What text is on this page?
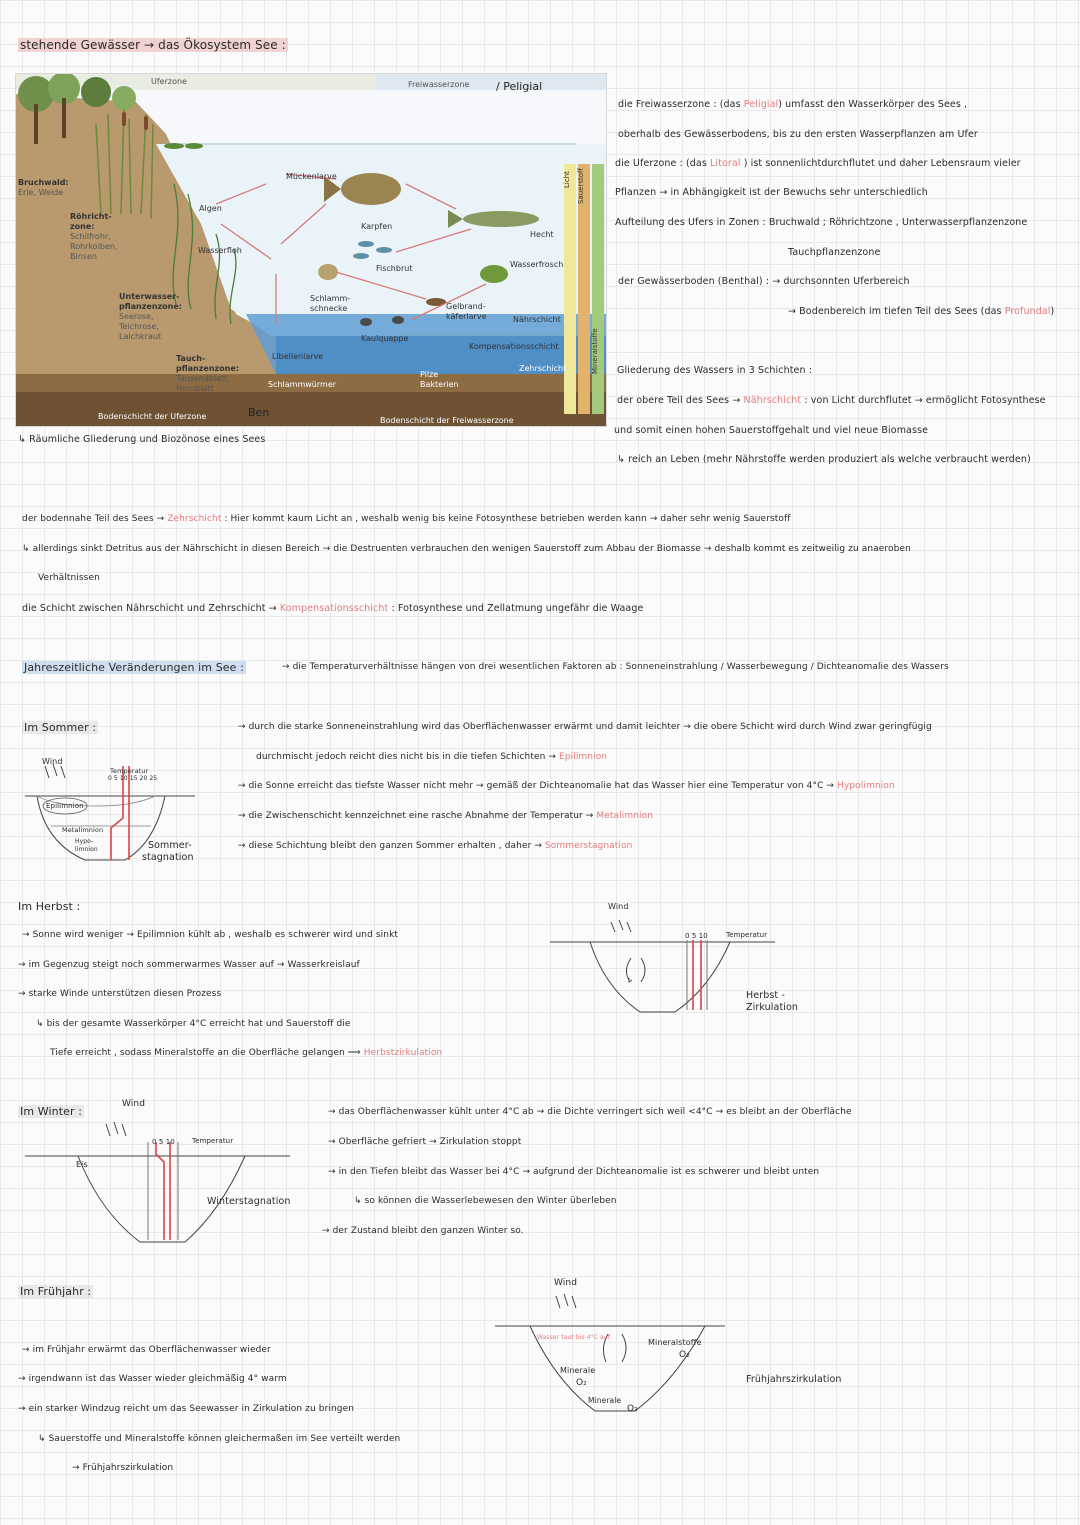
stehende Gewässer → das Ökosystem See :
Uferzone	Freiwasserzone / Peligial
Bruchwald:
Erle, Weide
Röhricht-
zone:
Schilfrohr,
Rohrkolben,
Binsen
Unterwasser-
pflanzenzone:
Seerose,
Teichrose,
Laichkraut
Tauch-
pflanzenzone:
Tausendblatt,
Hornblatt
Algen
Wasserfloh
Mückenlarve
Karpfen
Fischbrut
Hecht
Wasserfrosch
Schlamm-
schnecke	Gelbrand-
käferlarve	Nährschicht
Kaulquappe
Kompensationsschicht
Libellenlarve
Zehrschicht
Pilze
Bakterien
Schlammwürmer
Bodenschicht der Uferzone	Bodenschicht der Freiwasserzone
Ben
Licht Sauerstoff
Mineralstoffe
↳ Räumliche Gliederung und Biozönose eines Sees
die Freiwasserzone : (das Peligial) umfasst den Wasserkörper des Sees ,
oberhalb des Gewässerbodens, bis zu den ersten Wasserpflanzen am Ufer
die Uferzone : (das Litoral ) ist sonnenlichtdurchflutet und daher Lebensraum vieler
Pflanzen → in Abhängigkeit ist der Bewuchs sehr unterschiedlich
Aufteilung des Ufers in Zonen : Bruchwald ; Röhrichtzone , Unterwasserpflanzenzone
Tauchpflanzenzone
der Gewässerboden (Benthal) : → durchsonnten Uferbereich
→ Bodenbereich im tiefen Teil des Sees (das Profundal)
Gliederung des Wassers in 3 Schichten :
der obere Teil des Sees → Nährschicht : von Licht durchflutet → ermöglicht Fotosynthese
und somit einen hohen Sauerstoffgehalt und viel neue Biomasse
↳ reich an Leben (mehr Nährstoffe werden produziert als welche verbraucht werden)
der bodennahe Teil des Sees → Zehrschicht : Hier kommt kaum Licht an , weshalb wenig bis keine Fotosynthese betrieben werden kann → daher sehr wenig Sauerstoff
↳ allerdings sinkt Detritus aus der Nährschicht in diesen Bereich → die Destruenten verbrauchen den wenigen Sauerstoff zum Abbau der Biomasse → deshalb kommt es zeitweilig zu anaeroben
Verhältnissen
die Schicht zwischen Nährschicht und Zehrschicht → Kompensationsschicht : Fotosynthese und Zellatmung ungefähr die Waage
Jahreszeitliche Veränderungen im See :	→ die Temperaturverhältnisse hängen von drei wesentlichen Faktoren ab : Sonneneinstrahlung / Wasserbewegung / Dichteanomalie des Wassers
Im Sommer :
Wind
Temperatur
0 5 10 15 20 25
Epilimnion
Metalimnion
Hypo-
limnion	Sommer-
stagnation
→ durch die starke Sonneneinstrahlung wird das Oberflächenwasser erwärmt und damit leichter → die obere Schicht wird durch Wind zwar geringfügig
durchmischt jedoch reicht dies nicht bis in die tiefen Schichten → Epilimnion
→ die Sonne erreicht das tiefste Wasser nicht mehr → gemäß der Dichteanomalie hat das Wasser hier eine Temperatur von 4°C → Hypolimnion
→ die Zwischenschicht kennzeichnet eine rasche Abnahme der Temperatur → Metalimnion
→ diese Schichtung bleibt den ganzen Sommer erhalten , daher → Sommerstagnation
Im Herbst :
→ Sonne wird weniger → Epilimnion kühlt ab , weshalb es schwerer wird und sinkt
→ im Gegenzug steigt noch sommerwarmes Wasser auf → Wasserkreislauf
→ starke Winde unterstützen diesen Prozess
↳ bis der gesamte Wasserkörper 4°C erreicht hat und Sauerstoff die
Tiefe erreicht , sodass Mineralstoffe an die Oberfläche gelangen ⟹ Herbstzirkulation
Wind
0 5 10	Temperatur
Herbst -
Zirkulation
Im Winter :
Wind
0 5 10 Temperatur
Eis
Winterstagnation
→ das Oberflächenwasser kühlt unter 4°C ab → die Dichte verringert sich weil <4°C → es bleibt an der Oberfläche
→ Oberfläche gefriert → Zirkulation stoppt
→ in den Tiefen bleibt das Wasser bei 4°C → aufgrund der Dichteanomalie ist es schwerer und bleibt unten
↳ so können die Wasserlebewesen den Winter überleben
→ der Zustand bleibt den ganzen Winter so.
Im Frühjahr :
→ im Frühjahr erwärmt das Oberflächenwasser wieder
→ irgendwann ist das Wasser wieder gleichmäßig 4° warm
→ ein starker Windzug reicht um das Seewasser in Zirkulation zu bringen
↳ Sauerstoffe und Mineralstoffe können gleichermaßen im See verteilt werden
→ Frühjahrszirkulation
Wind
Wasser taut bis 4°C auf
Mineralstoffe
O₂
Minerale
O₂
Minerale
O₂
Frühjahrszirkulation
